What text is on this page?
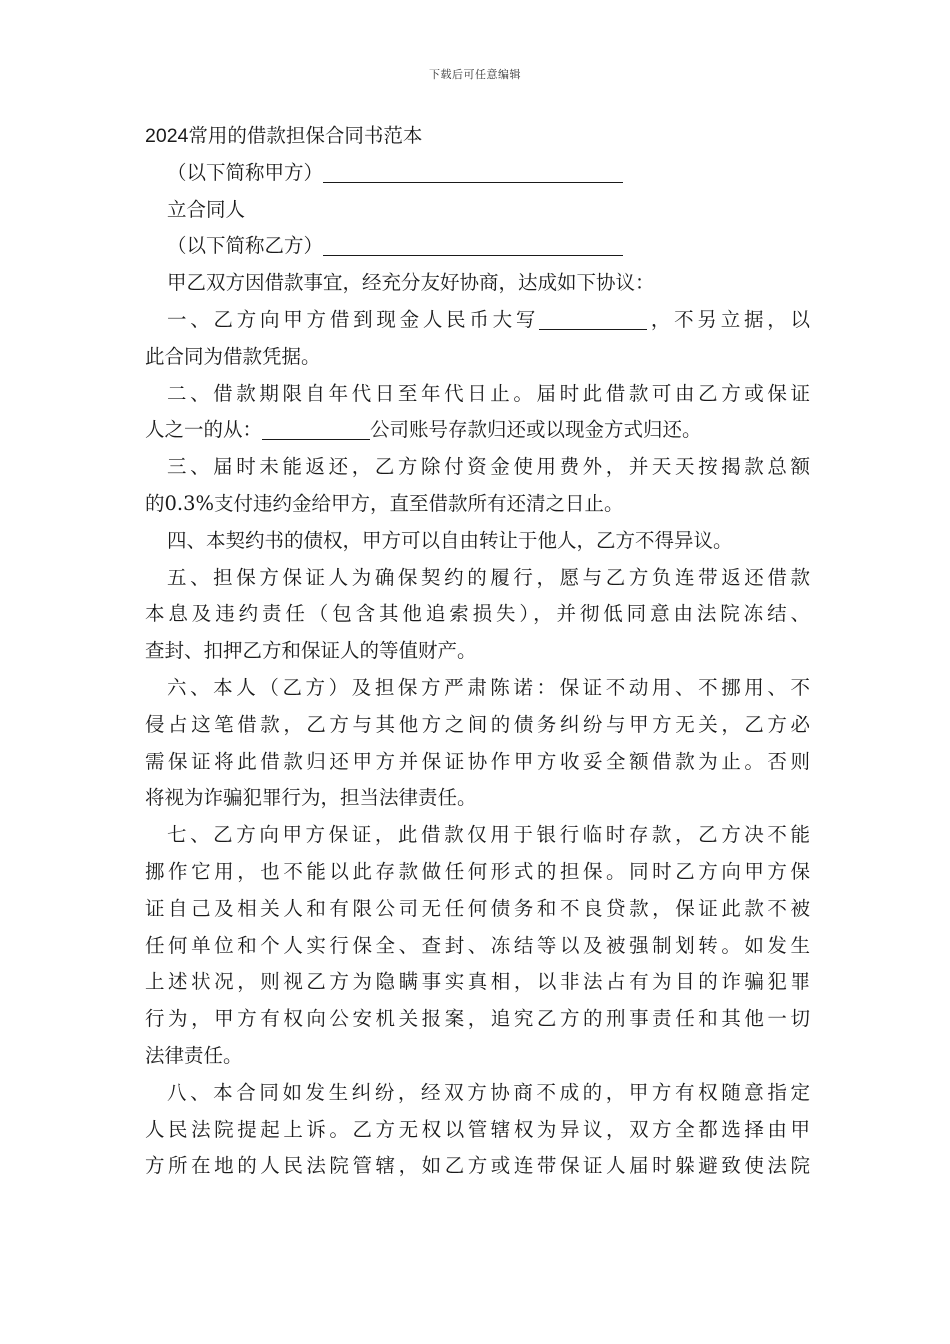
下载后可任意编辑

2024常用的借款担保合同书范本

（以下简称甲方）

立合同人

（以下简称乙方）

甲乙双方因借款事宜，经充分友好协商，达成如下协议：

一、乙方向甲方借到现金人民币大写	，不另立据，以

此合同为借款凭据。

二、借款期限自年代日至年代日止。届时此借款可由乙方或保证

人之一的从：	公司账号存款归还或以现金方式归还。

三、届时未能返还，乙方除付资金使用费外，并天天按揭款总额

的0.3%支付违约金给甲方，直至借款所有还清之日止。

四、本契约书的债权，甲方可以自由转让于他人，乙方不得异议。

五、担保方保证人为确保契约的履行，愿与乙方负连带返还借款

本息及违约责任（包含其他追索损失），并彻低同意由法院冻结、

查封、扣押乙方和保证人的等值财产。

六、本人（乙方）及担保方严肃陈诺：保证不动用、不挪用、不

侵占这笔借款，乙方与其他方之间的债务纠纷与甲方无关，乙方必

需保证将此借款归还甲方并保证协作甲方收妥全额借款为止。否则

将视为诈骗犯罪行为，担当法律责任。

七、乙方向甲方保证，此借款仅用于银行临时存款，乙方决不能

挪作它用，也不能以此存款做任何形式的担保。同时乙方向甲方保

证自己及相关人和有限公司无任何债务和不良贷款，保证此款不被

任何单位和个人实行保全、查封、冻结等以及被强制划转。如发生

上述状况，则视乙方为隐瞒事实真相，以非法占有为目的诈骗犯罪

行为，甲方有权向公安机关报案，追究乙方的刑事责任和其他一切

法律责任。

八、本合同如发生纠纷，经双方协商不成的，甲方有权随意指定

人民法院提起上诉。乙方无权以管辖权为异议，双方全都选择由甲

方所在地的人民法院管辖，如乙方或连带保证人届时躲避致使法院
